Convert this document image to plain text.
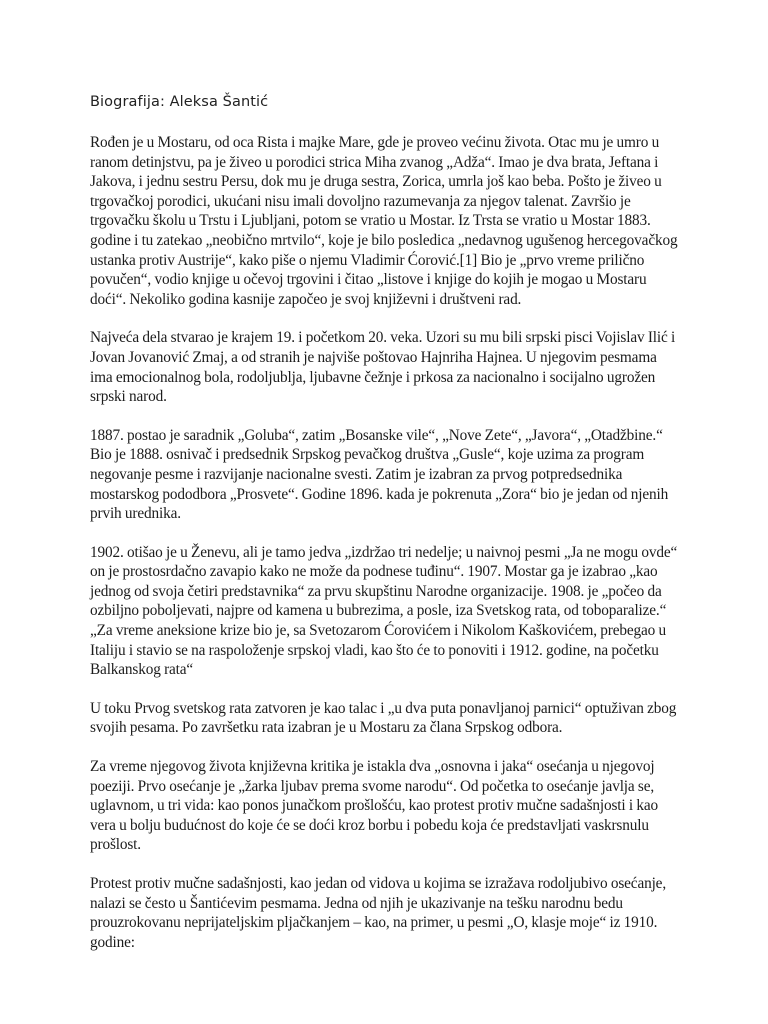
Biografija: Aleksa Šantić

Rođen je u Mostaru, od oca Rista i majke Mare, gde je proveo većinu života. Otac mu je umro u ranom detinjstvu, pa je živeo u porodici strica Miha zvanog „Adža“. Imao je dva brata, Jeftana i Jakova, i jednu sestru Persu, dok mu je druga sestra, Zorica, umrla još kao beba. Pošto je živeo u trgovačkoj porodici, ukućani nisu imali dovoljno razumevanja za njegov talenat. Završio je trgovačku školu u Trstu i Ljubljani, potom se vratio u Mostar. Iz Trsta se vratio u Mostar 1883. godine i tu zatekao „neobično mrtvilo“, koje je bilo posledica „nedavnog ugušenog hercegovačkog ustanka protiv Austrije“, kako piše o njemu Vladimir Ćorović.[1] Bio je „prvo vreme prilično povučen“, vodio knjige u očevoj trgovini i čitao „listove i knjige do kojih je mogao u Mostaru doći“. Nekoliko godina kasnije započeo je svoj književni i društveni rad.

Najveća dela stvarao je krajem 19. i početkom 20. veka. Uzori su mu bili srpski pisci Vojislav Ilić i Jovan Jovanović Zmaj, a od stranih je najviše poštovao Hajnriha Hajnea. U njegovim pesmama ima emocionalnog bola, rodoljublja, ljubavne čežnje i prkosa za nacionalno i socijalno ugrožen srpski narod.

1887. postao je saradnik „Goluba“, zatim „Bosanske vile“, „Nove Zete“, „Javora“, „Otadžbine.“ Bio je 1888. osnivač i predsednik Srpskog pevačkog društva „Gusle“, koje uzima za program negovanje pesme i razvijanje nacionalne svesti. Zatim je izabran za prvog potpredsednika mostarskog pododbora „Prosvete“. Godine 1896. kada je pokrenuta „Zora“ bio je jedan od njenih prvih urednika.

1902. otišao je u Ženevu, ali je tamo jedva „izdržao tri nedelje; u naivnoj pesmi „Ja ne mogu ovde“ on je prostosrdačno zavapio kako ne može da podnese tuđinu“. 1907. Mostar ga je izabrao „kao jednog od svoja četiri predstavnika“ za prvu skupštinu Narodne organizacije. 1908. je „počeo da ozbiljno poboljevati, najpre od kamena u bubrezima, a posle, iza Svetskog rata, od toboparalize.“ „Za vreme aneksione krize bio je, sa Svetozarom Ćorovićem i Nikolom Kaškovićem, prebegao u Italiju i stavio se na raspoloženje srpskoj vladi, kao što će to ponoviti i 1912. godine, na početku Balkanskog rata“

U toku Prvog svetskog rata zatvoren je kao talac i „u dva puta ponavljanoj parnici“ optuživan zbog svojih pesama. Po završetku rata izabran je u Mostaru za člana Srpskog odbora.

Za vreme njegovog života književna kritika je istakla dva „osnovna i jaka“ osećanja u njegovoj poeziji. Prvo osećanje je „žarka ljubav prema svome narodu“. Od početka to osećanje javlja se, uglavnom, u tri vida: kao ponos junačkom prošlošću, kao protest protiv mučne sadašnjosti i kao vera u bolju budućnost do koje će se doći kroz borbu i pobedu koja će predstavljati vaskrsnulu prošlost.

Protest protiv mučne sadašnjosti, kao jedan od vidova u kojima se izražava rodoljubivo osećanje, nalazi se često u Šantićevim pesmama. Jedna od njih je ukazivanje na tešku narodnu bedu prouzrokovanu neprijateljskim pljačkanjem – kao, na primer, u pesmi „O, klasje moje“ iz 1910. godine:
